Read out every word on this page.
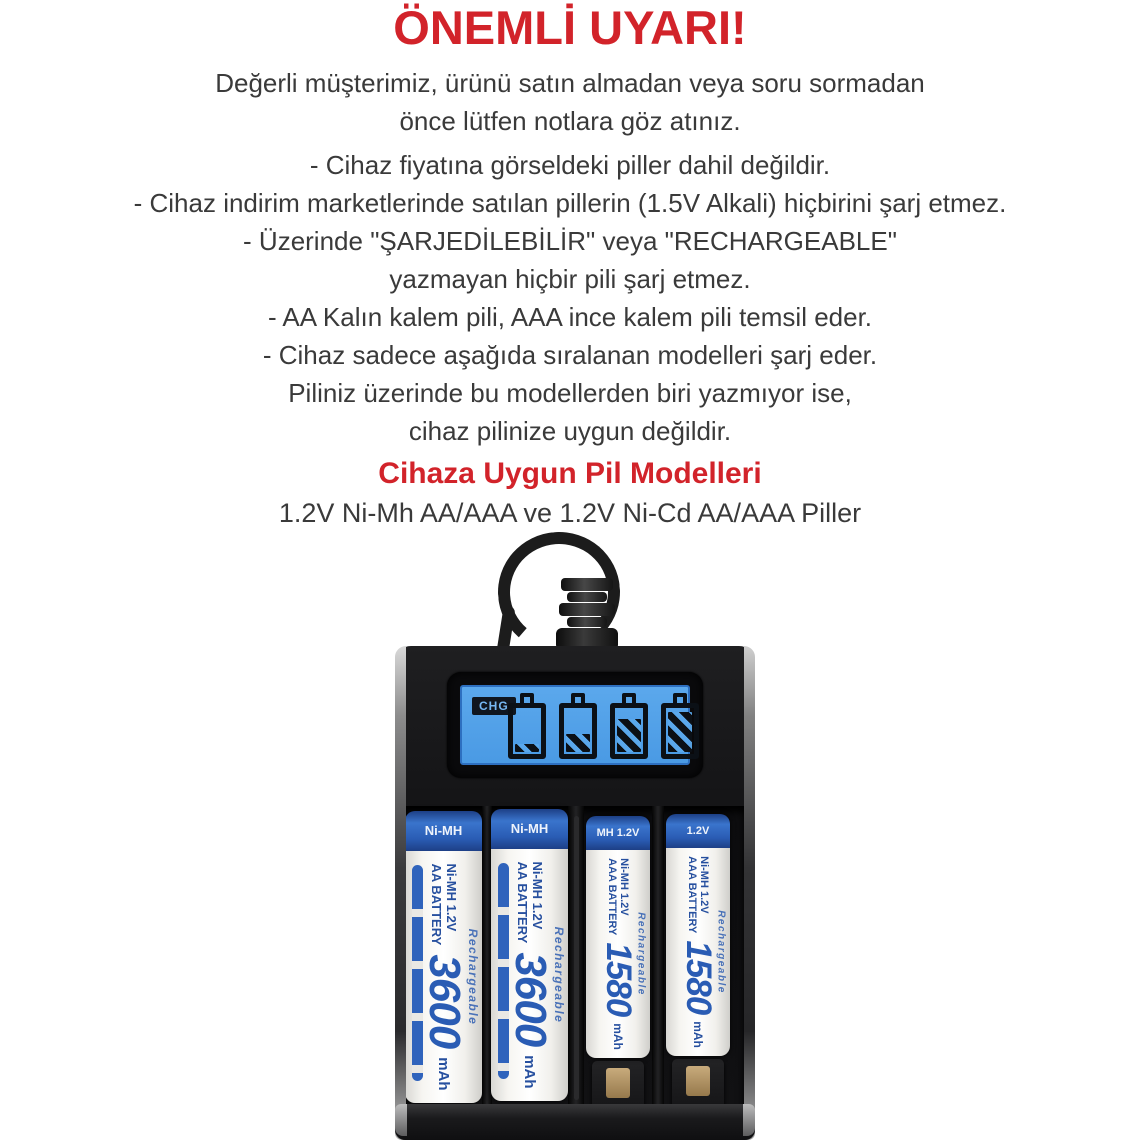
ÖNEMLİ UYARI!

Değerli müşterimiz, ürünü satın almadan veya soru sormadan

önce lütfen notlara göz atınız.

- Cihaz fiyatına görseldeki piller dahil değildir.

- Cihaz indirim marketlerinde satılan pillerin (1.5V Alkali) hiçbirini şarj etmez.

- Üzerinde "ŞARJEDİLEBİLİR" veya "RECHARGEABLE"

yazmayan hiçbir pili şarj etmez.

- AA Kalın kalem pili, AAA ince kalem pili temsil eder.

- Cihaz sadece aşağıda sıralanan modelleri şarj eder.

Piliniz üzerinde bu modellerden biri yazmıyor ise,

cihaz pilinize uygun değildir.

Cihaza Uygun Pil Modelleri

1.2V Ni-Mh AA/AAA ve 1.2V Ni-Cd AA/AAA Piller

CHG
Ni-MH
Ni-MH 1.2V
AA BATTERY
3600
mAh
Rechargeable
Ni-MH
Ni-MH 1.2V
AA BATTERY
3600
mAh
Rechargeable
MH 1.2V
Ni-MH 1.2V
AAA BATTERY
1580
mAh
Rechargeable
1.2V
Ni-MH 1.2V
AAA BATTERY
1580
mAh
Rechargeable
